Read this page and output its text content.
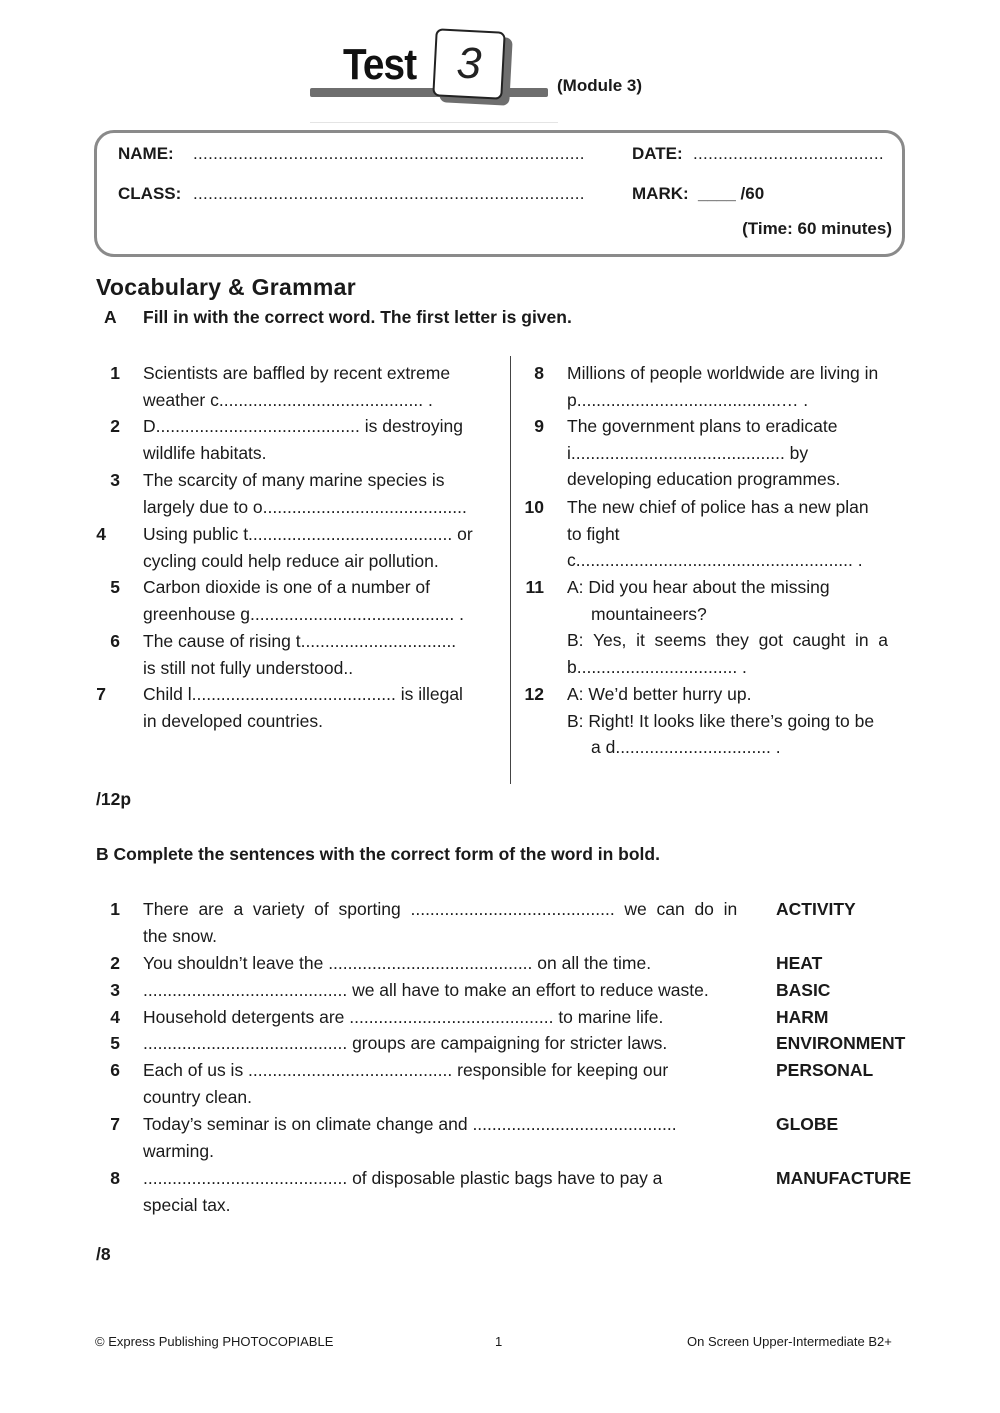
Test 3	(Module 3)
NAME: ..............................................................................	DATE: ......................................
CLASS: ..............................................................................	MARK: ____ /60
(Time: 60 minutes)
Vocabulary & Grammar
A Fill in with the correct word. The first letter is given.
1 Scientists are baffled by recent extreme
weather c.......................................... .
2 D.......................................... is destroying
wildlife habitats.
3 The scarcity of many marine species is
largely due to o..........................................
4 Using public t.......................................... or
cycling could help reduce air pollution.
5 Carbon dioxide is one of a number of
greenhouse g.......................................... .
6 The cause of rising t................................
is still not fully understood..
7 Child l.......................................... is illegal
in developed countries.
8 Millions of people worldwide are living in
p..........................................… .
9 The government plans to eradicate
i............................................ by
developing education programmes.
10 The new chief of police has a new plan
to fight
c......................................................... .
11 A: Did you hear about the missing
mountaineers?
B:  Yes,  it  seems  they  got  caught  in  a
b................................. .
12 A: We’d better hurry up.
B: Right! It looks like there’s going to be
a d................................ .
/12p
B Complete the sentences with the correct form of the word in bold.
1 There  are  a  variety  of  sporting  ..........................................  we  can  do  in
the snow.
ACTIVITY
2 You shouldn’t leave the .......................................... on all the time.	HEAT
3 .......................................... we all have to make an effort to reduce waste.	BASIC
4 Household detergents are .......................................... to marine life.	HARM
5 .......................................... groups are campaigning for stricter laws.	ENVIRONMENT
6 Each of us is .......................................... responsible for keeping our
country clean.
PERSONAL
7 Today’s seminar is on climate change and ..........................................
warming.
GLOBE
8 .......................................... of disposable plastic bags have to pay a
special tax.
MANUFACTURE
/8
© Express Publishing PHOTOCOPIABLE	1	On Screen Upper-Intermediate B2+
